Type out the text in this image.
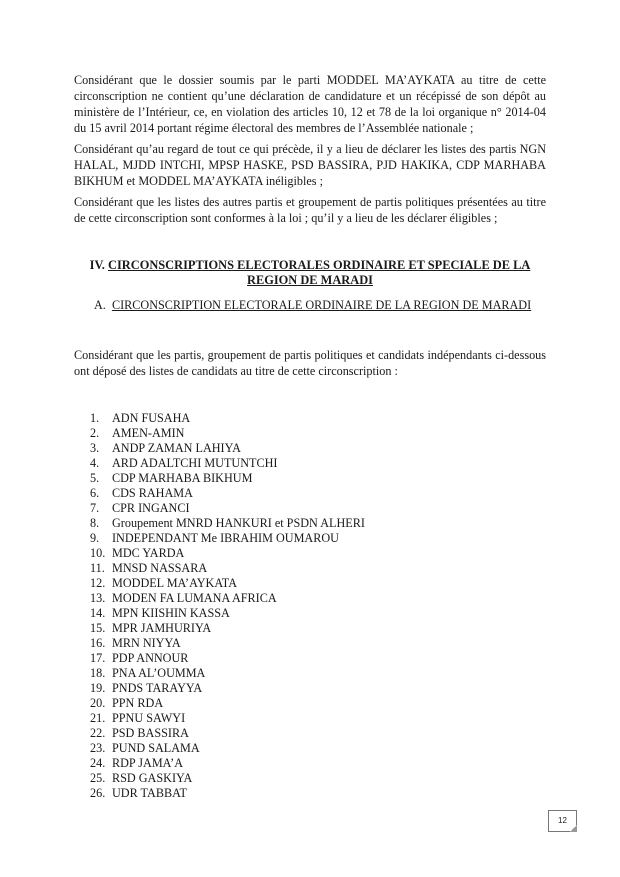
Considérant que le dossier soumis par le parti MODDEL MA’AYKATA au titre de cette circonscription ne contient qu’une déclaration de candidature et un récépissé de son dépôt au ministère de l’Intérieur, ce, en violation des articles 10, 12 et 78 de la loi organique n° 2014-04 du 15 avril 2014 portant régime électoral des membres de l’Assemblée nationale ;

Considérant qu’au regard de tout ce qui précède, il y a lieu de déclarer les listes des partis NGN HALAL, MJDD INTCHI, MPSP HASKE, PSD BASSIRA, PJD HAKIKA, CDP MARHABA BIKHUM et MODDEL MA’AYKATA inéligibles ;

Considérant que les listes des autres partis et groupement de partis politiques présentées au titre de cette circonscription sont conformes à la loi ; qu’il y a lieu de les déclarer éligibles ;

IV. CIRCONSCRIPTIONS ELECTORALES ORDINAIRE ET SPECIALE DE LA REGION DE MARADI

A. CIRCONSCRIPTION ELECTORALE ORDINAIRE DE LA REGION DE MARADI

Considérant que les partis, groupement de partis politiques et candidats indépendants ci-dessous ont déposé des listes de candidats au titre de cette circonscription :

1. ADN FUSAHA
2. AMEN-AMIN
3. ANDP ZAMAN LAHIYA
4. ARD ADALTCHI MUTUNTCHI
5. CDP MARHABA BIKHUM
6. CDS RAHAMA
7. CPR INGANCI
8. Groupement MNRD HANKURI et PSDN ALHERI
9. INDEPENDANT Me IBRAHIM OUMAROU
10. MDC YARDA
11. MNSD NASSARA
12. MODDEL MA’AYKATA
13. MODEN FA LUMANA AFRICA
14. MPN KIISHIN KASSA
15. MPR JAMHURIYA
16. MRN NIYYA
17. PDP ANNOUR
18. PNA AL’OUMMA
19. PNDS TARAYYA
20. PPN RDA
21. PPNU SAWYI
22. PSD BASSIRA
23. PUND SALAMA
24. RDP JAMA’A
25. RSD GASKIYA
26. UDR TABBAT
12
